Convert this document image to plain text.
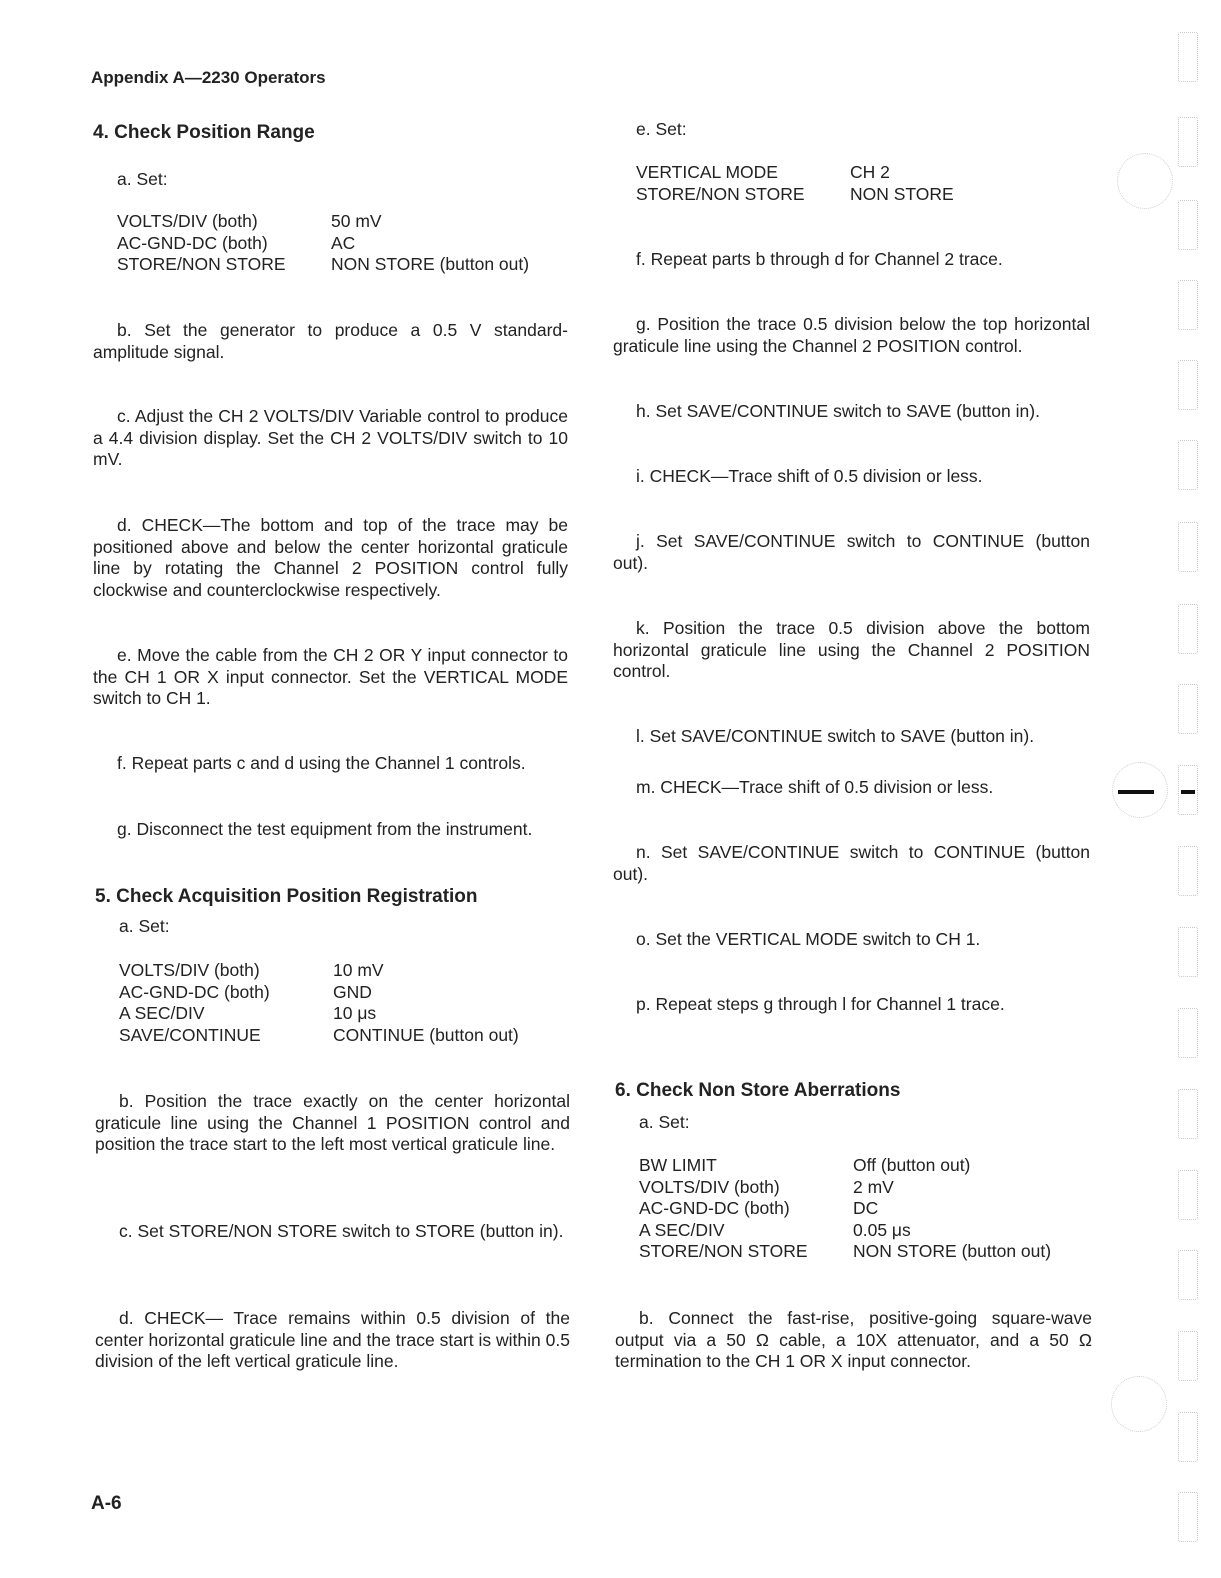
Appendix A—2230 Operators
4. Check Position Range
a. Set:
VOLTS/DIV (both)	50 mV
AC-GND-DC (both)	AC
STORE/NON STORE	NON STORE (button out)
b. Set the generator to produce a 0.5 V standard-amplitude signal.
c. Adjust the CH 2 VOLTS/DIV Variable control to produce a 4.4 division display. Set the CH 2 VOLTS/DIV switch to 10 mV.
d. CHECK—The bottom and top of the trace may be positioned above and below the center horizontal graticule line by rotating the Channel 2 POSITION control fully clockwise and counterclockwise respectively.
e. Move the cable from the CH 2 OR Y input connector to the CH 1 OR X input connector. Set the VERTICAL MODE switch to CH 1.
f. Repeat parts c and d using the Channel 1 controls.
g. Disconnect the test equipment from the instrument.
5. Check Acquisition Position Registration
a. Set:
VOLTS/DIV (both)	10 mV
AC-GND-DC (both)	GND
A SEC/DIV	10 μs
SAVE/CONTINUE	CONTINUE (button out)
b. Position the trace exactly on the center horizontal graticule line using the Channel 1 POSITION control and position the trace start to the left most vertical graticule line.
c. Set STORE/NON STORE switch to STORE (button in).
d. CHECK— Trace remains within 0.5 division of the center horizontal graticule line and the trace start is within 0.5 division of the left vertical graticule line.
e. Set:
VERTICAL MODE	CH 2
STORE/NON STORE	NON STORE
f. Repeat parts b through d for Channel 2 trace.
g. Position the trace 0.5 division below the top horizontal graticule line using the Channel 2 POSITION control.
h. Set SAVE/CONTINUE switch to SAVE (button in).
i. CHECK—Trace shift of 0.5 division or less.
j. Set SAVE/CONTINUE switch to CONTINUE (button out).
k. Position the trace 0.5 division above the bottom horizontal graticule line using the Channel 2 POSITION control.
l. Set SAVE/CONTINUE switch to SAVE (button in).
m. CHECK—Trace shift of 0.5 division or less.
n. Set SAVE/CONTINUE switch to CONTINUE (button out).
o. Set the VERTICAL MODE switch to CH 1.
p. Repeat steps g through l for Channel 1 trace.
6. Check Non Store Aberrations
a. Set:
BW LIMIT	Off (button out)
VOLTS/DIV (both)	2 mV
AC-GND-DC (both)	DC
A SEC/DIV	0.05 μs
STORE/NON STORE	NON STORE (button out)
b. Connect the fast-rise, positive-going square-wave output via a 50 Ω cable, a 10X attenuator, and a 50 Ω termination to the CH 1 OR X input connector.
A-6
